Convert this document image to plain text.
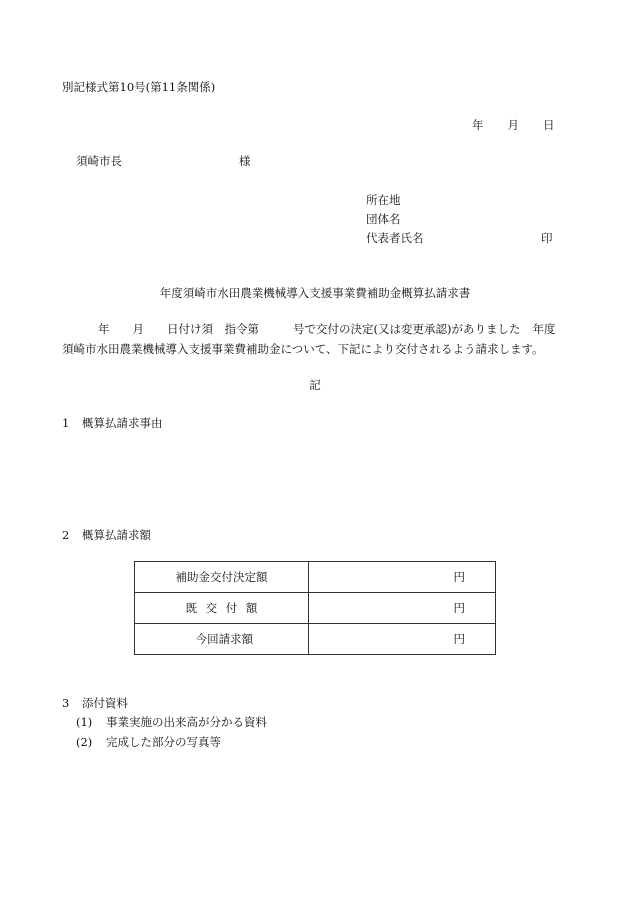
別記様式第10号(第11条関係)
年 月 日
須崎市長	様
所在地
団体名
代表者氏名	印
年度須崎市水田農業機械導入支援事業費補助金概算払請求書
年 月 日付け須　指令第	号で交付の決定(又は変更承認)がありました 年度
須崎市水田農業機械導入支援事業費補助金について、下記により交付されるよう請求します。
記
1 概算払請求事由
2 概算払請求額
補助金交付決定額	円
既交付額	円
今回請求額	円
3 添付資料
(1) 事業実施の出来高が分かる資料
(2) 完成した部分の写真等
